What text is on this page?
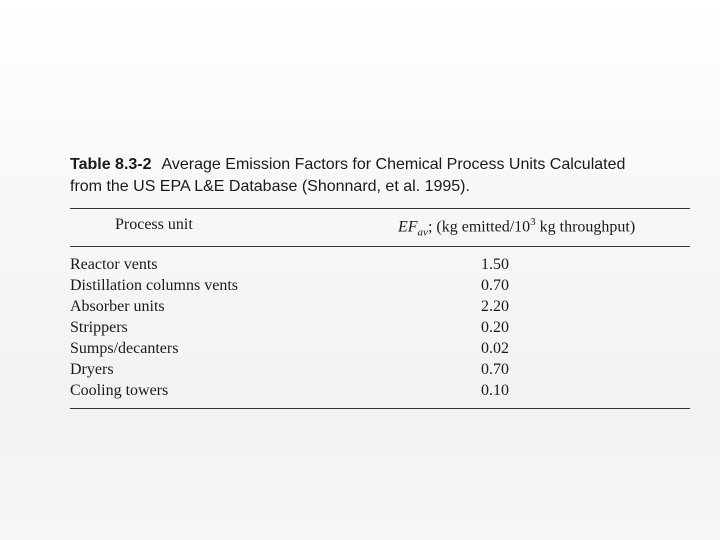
Table 8.3-2 Average Emission Factors for Chemical Process Units Calculated
from the US EPA L&E Database (Shonnard, et al. 1995).
Process unit	$EF_{av}$; (kg emitted/$10^3$ kg throughput)
Reactor vents	1.50
Distillation columns vents	0.70
Absorber units	2.20
Strippers	0.20
Sumps/decanters	0.02
Dryers	0.70
Cooling towers	0.10
